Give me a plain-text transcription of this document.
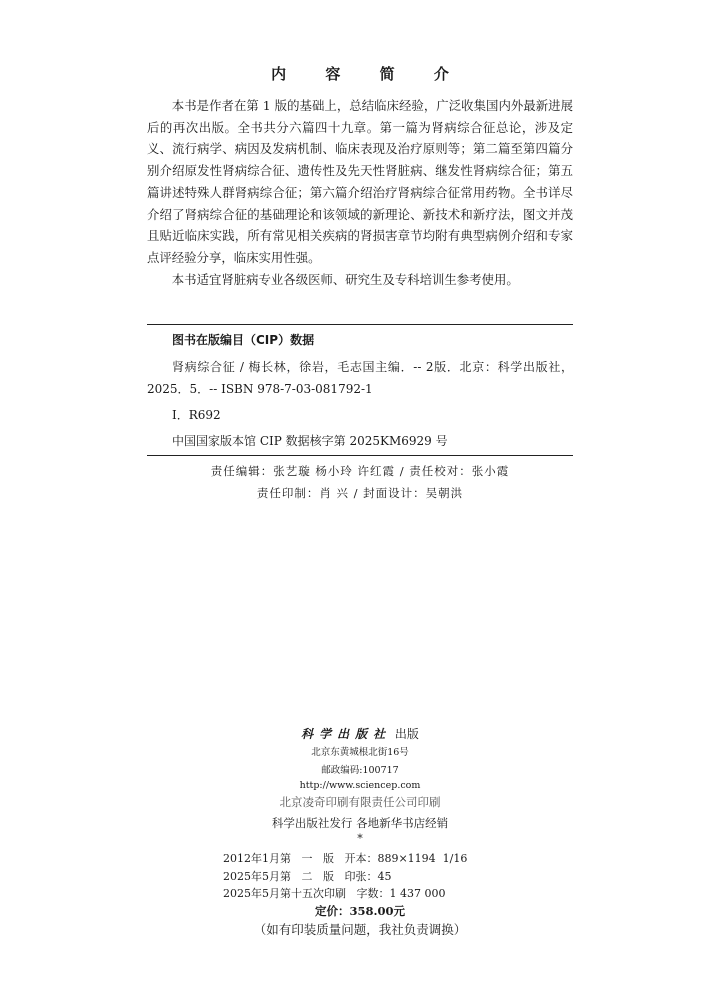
内 容 简 介

本书是作者在第 1 版的基础上，总结临床经验，广泛收集国内外最新进展后的再次出版。全书共分六篇四十九章。第一篇为肾病综合征总论，涉及定义、流行病学、病因及发病机制、临床表现及治疗原则等；第二篇至第四篇分别介绍原发性肾病综合征、遗传性及先天性肾脏病、继发性肾病综合征；第五篇讲述特殊人群肾病综合征；第六篇介绍治疗肾病综合征常用药物。全书详尽介绍了肾病综合征的基础理论和该领域的新理论、新技术和新疗法，图文并茂且贴近临床实践，所有常见相关疾病的肾损害章节均附有典型病例介绍和专家点评经验分享，临床实用性强。

本书适宜肾脏病专业各级医师、研究生及专科培训生参考使用。

图书在版编目（CIP）数据
肾病综合征 / 梅长林，徐岩，毛志国主编．-- 2版．北京：科学出版社，2025．5．-- ISBN 978-7-03-081792-1
Ⅰ．R692
中国国家版本馆 CIP 数据核字第 2025KM6929 号
责任编辑：张艺璇 杨小玲 许红霞 / 责任校对：张小霞
责任印制：肖 兴 / 封面设计：吴朝洪
科学出版社 出版
北京东黄城根北街16号
邮政编码:100717
http://www.sciencep.com
北京凌奇印刷有限责任公司印刷
科学出版社发行 各地新华书店经销
*
2012年1月第   一   版   开本：889×1194  1/16
2025年5月第   二   版   印张：45
2025年5月第十五次印刷   字数：1 437 000
定价：358.00元
（如有印装质量问题，我社负责调换）
